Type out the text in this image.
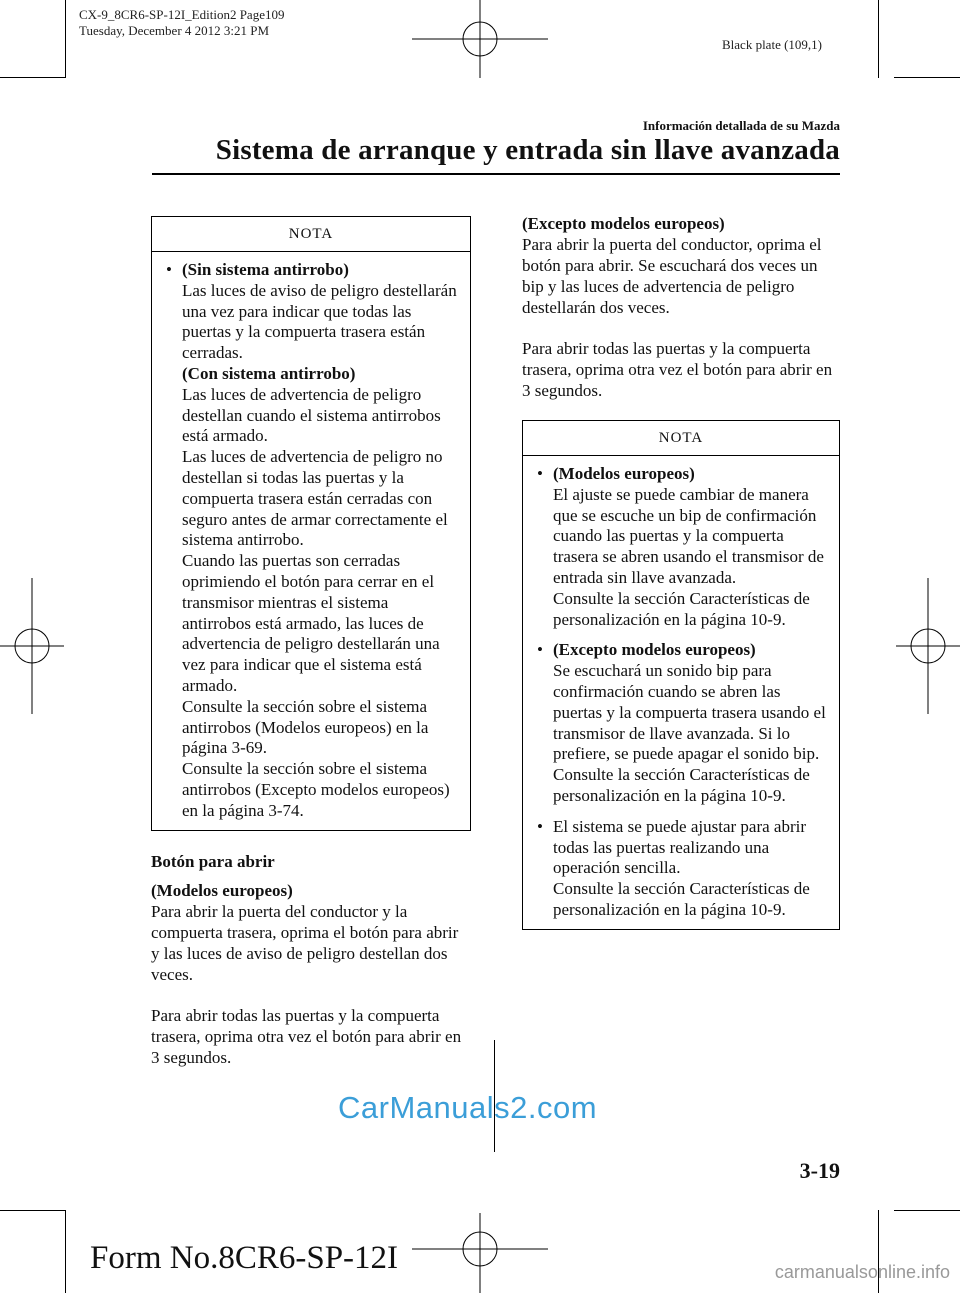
CX-9_8CR6-SP-12I_Edition2 Page109
Tuesday, December 4 2012 3:21 PM
Black plate (109,1)
Información detallada de su Mazda
Sistema de arranque y entrada sin llave avanzada
NOTA
• (Sin sistema antirrobo)
Las luces de aviso de peligro destellarán una vez para indicar que todas las puertas y la compuerta trasera están cerradas.
(Con sistema antirrobo)
Las luces de advertencia de peligro destellan cuando el sistema antirrobos está armado.
Las luces de advertencia de peligro no destellan si todas las puertas y la compuerta trasera están cerradas con seguro antes de armar correctamente el sistema antirrobo.
Cuando las puertas son cerradas oprimiendo el botón para cerrar en el transmisor mientras el sistema antirrobos está armado, las luces de advertencia de peligro destellarán una vez para indicar que el sistema está armado.
Consulte la sección sobre el sistema antirrobos (Modelos europeos) en la página 3-69.
Consulte la sección sobre el sistema antirrobos (Excepto modelos europeos) en la página 3-74.
Botón para abrir
(Modelos europeos)

Para abrir la puerta del conductor y la compuerta trasera, oprima el botón para abrir y las luces de aviso de peligro destellan dos veces.

Para abrir todas las puertas y la compuerta trasera, oprima otra vez el botón para abrir en 3 segundos.

(Excepto modelos europeos)

Para abrir la puerta del conductor, oprima el botón para abrir. Se escuchará dos veces un bip y las luces de advertencia de peligro destellarán dos veces.

Para abrir todas las puertas y la compuerta trasera, oprima otra vez el botón para abrir en 3 segundos.

NOTA
• (Modelos europeos)
El ajuste se puede cambiar de manera que se escuche un bip de confirmación cuando las puertas y la compuerta trasera se abren usando el transmisor de entrada sin llave avanzada.
Consulte la sección Características de personalización en la página 10-9.
• (Excepto modelos europeos)
Se escuchará un sonido bip para confirmación cuando se abren las puertas y la compuerta trasera usando el transmisor de llave avanzada. Si lo prefiere, se puede apagar el sonido bip.
Consulte la sección Características de personalización en la página 10-9.
• El sistema se puede ajustar para abrir todas las puertas realizando una operación sencilla.
Consulte la sección Características de personalización en la página 10-9.
CarManuals2.com
3-19
Form No.8CR6-SP-12I	carmanualsonline.info
